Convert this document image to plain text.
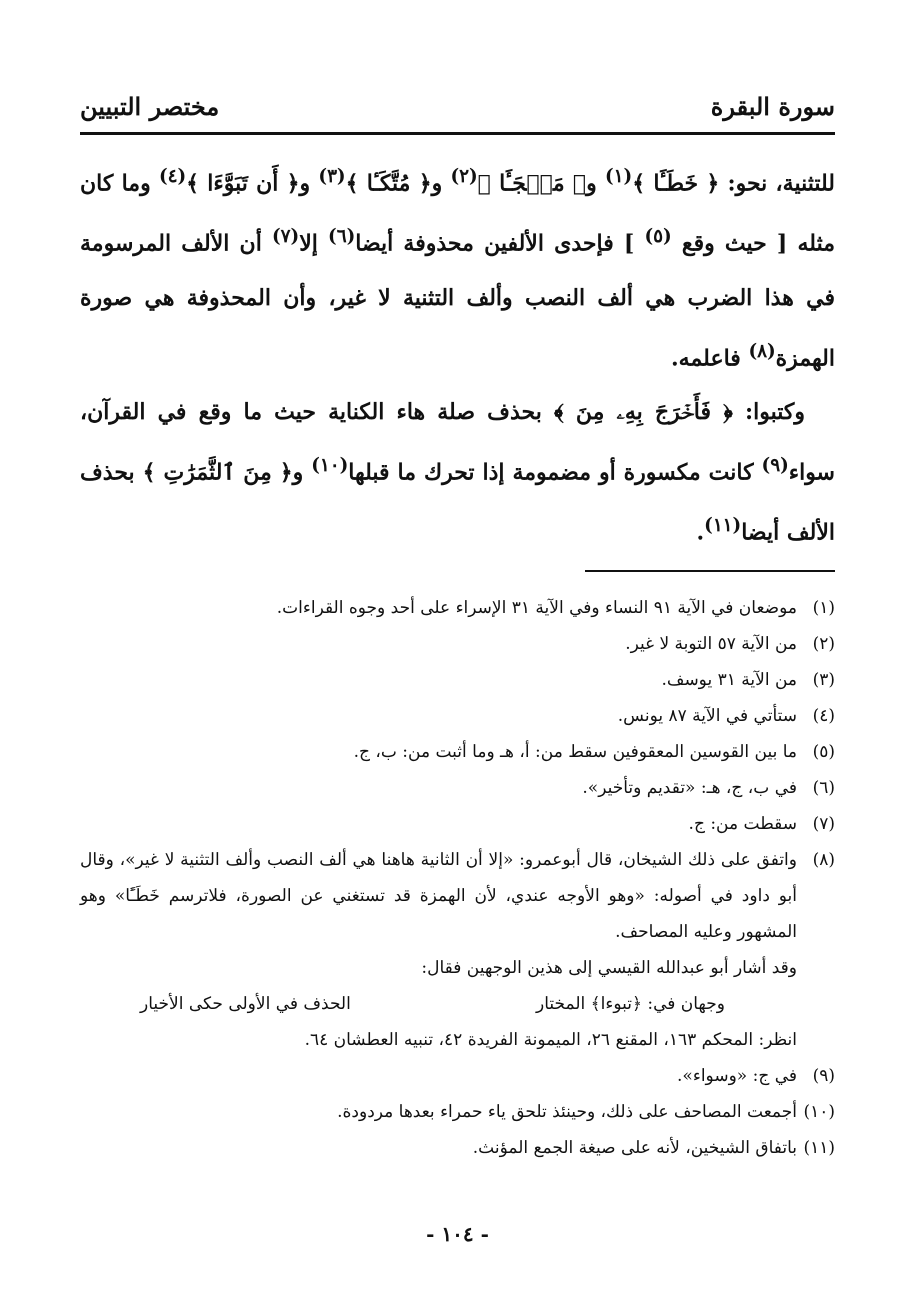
سورة البقرة
مختصر التبيين

للتثنية، نحو: ﴿ خَطَـَٔا ﴾$^{(١)}$ و﴿ مَلۡجَـَٔا ﴾$^{(٢)}$ و﴿ مُتَّكَـٔا ﴾$^{(٣)}$ و﴿ أَن تَبَوَّءَا ﴾$^{(٤)}$ وما كان مثله [ حيث وقع $^{(٥)}$ ] فإحدى الألفين محذوفة أيضا$^{(٦)}$ إلا$^{(٧)}$ أن الألف المرسومة في هذا الضرب هي ألف النصب وألف التثنية لا غير، وأن المحذوفة هي صورة الهمزة$^{(٨)}$ فاعلمه.

وكتبوا: ﴿ فَأَخۡرَجَ بِهِۦ مِنَ ﴾ بحذف صلة هاء الكناية حيث ما وقع في القرآن، سواء$^{(٩)}$ كانت مكسورة أو مضمومة إذا تحرك ما قبلها$^{(١٠)}$ و﴿ مِنَ ٱلثَّمَرَٰتِ ﴾ بحذف الألف أيضا$^{(١١)}$.

(١)
موضعان في الآية ٩١ النساء وفي الآية ٣١ الإسراء على أحد وجوه القراءات.
(٢)
من الآية ٥٧ التوبة لا غير.
(٣)
من الآية ٣١ يوسف.
(٤)
ستأتي في الآية ٨٧ يونس.
(٥)
ما بين القوسين المعقوفين سقط من: أ، هـ وما أثبت من: ب، ج.
(٦)
في ب، ج، هـ: «تقديم وتأخير».
(٧)
سقطت من: ج.
(٨)
واتفق على ذلك الشيخان، قال أبوعمرو: «إلا أن الثانية هاهنا هي ألف النصب وألف التثنية لا غير»، وقال أبو داود في أصوله: «وهو الأوجه عندي، لأن الهمزة قد تستغني عن الصورة، فلاترسم خَطَـًٔا» وهو المشهور وعليه المصاحف.

وقد أشار أبو عبدالله القيسي إلى هذين الوجهين فقال:

وجهان في: ﴿تبوءا﴾ المختار
الحذف في الأولى حكى الأخيار

انظر: المحكم ١٦٣، المقنع ٢٦، الميمونة الفريدة ٤٢، تنبيه العطشان ٦٤.

(٩)
في ج: «وسواء».
(١٠)
أجمعت المصاحف على ذلك، وحينئذ تلحق ياء حمراء بعدها مردودة.
(١١)
باتفاق الشيخين، لأنه على صيغة الجمع المؤنث.
- ١٠٤ -
